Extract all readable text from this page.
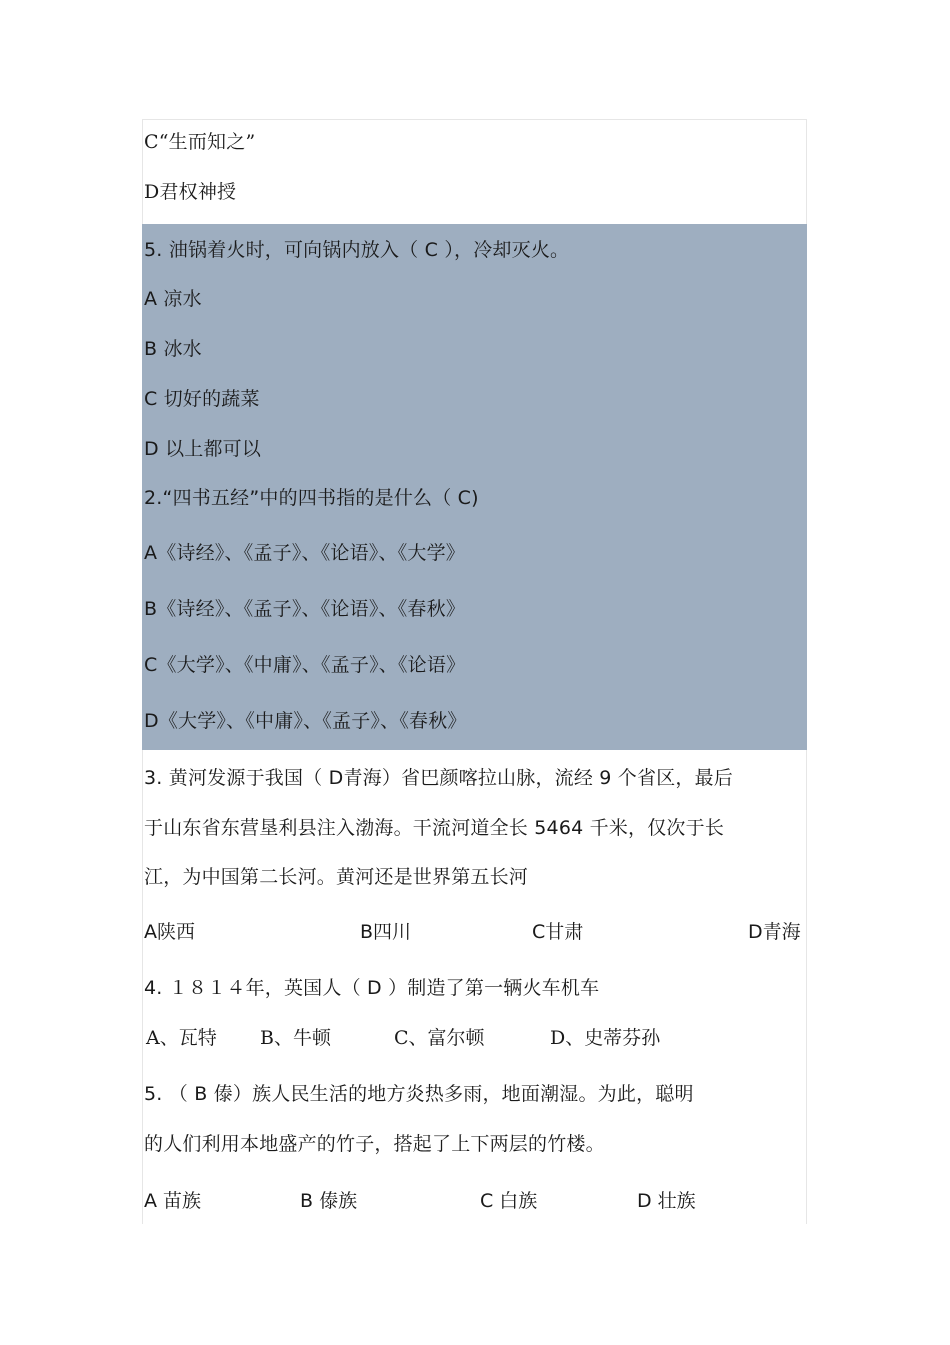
C“生而知之”
D君权神授
5. 油锅着火时，可向锅内放入（ C ），冷却灭火。
A 凉水
B 冰水
C 切好的蔬菜
D 以上都可以
2.“四书五经”中的四书指的是什么（ C)
A《诗经》、《孟子》、《论语》、《大学》
B《诗经》、《孟子》、《论语》、《春秋》
C《大学》、《中庸》、《孟子》、《论语》
D《大学》、《中庸》、《孟子》、《春秋》
3. 黄河发源于我国（ D青海）省巴颜喀拉山脉，流经 9 个省区，最后
于山东省东营垦利县注入渤海。干流河道全长 5464 千米，仅次于长
江，为中国第二长河。黄河还是世界第五长河
A陕西	B四川	C甘肃	D青海
4. １８１４年，英国人（ D ）制造了第一辆火车机车
A、瓦特 B、牛顿	C、富尔顿	D、史蒂芬孙
5. （ B 傣）族人民生活的地方炎热多雨，地面潮湿。为此，聪明
的人们利用本地盛产的竹子，搭起了上下两层的竹楼。
A 苗族	B 傣族	C 白族	D 壮族
